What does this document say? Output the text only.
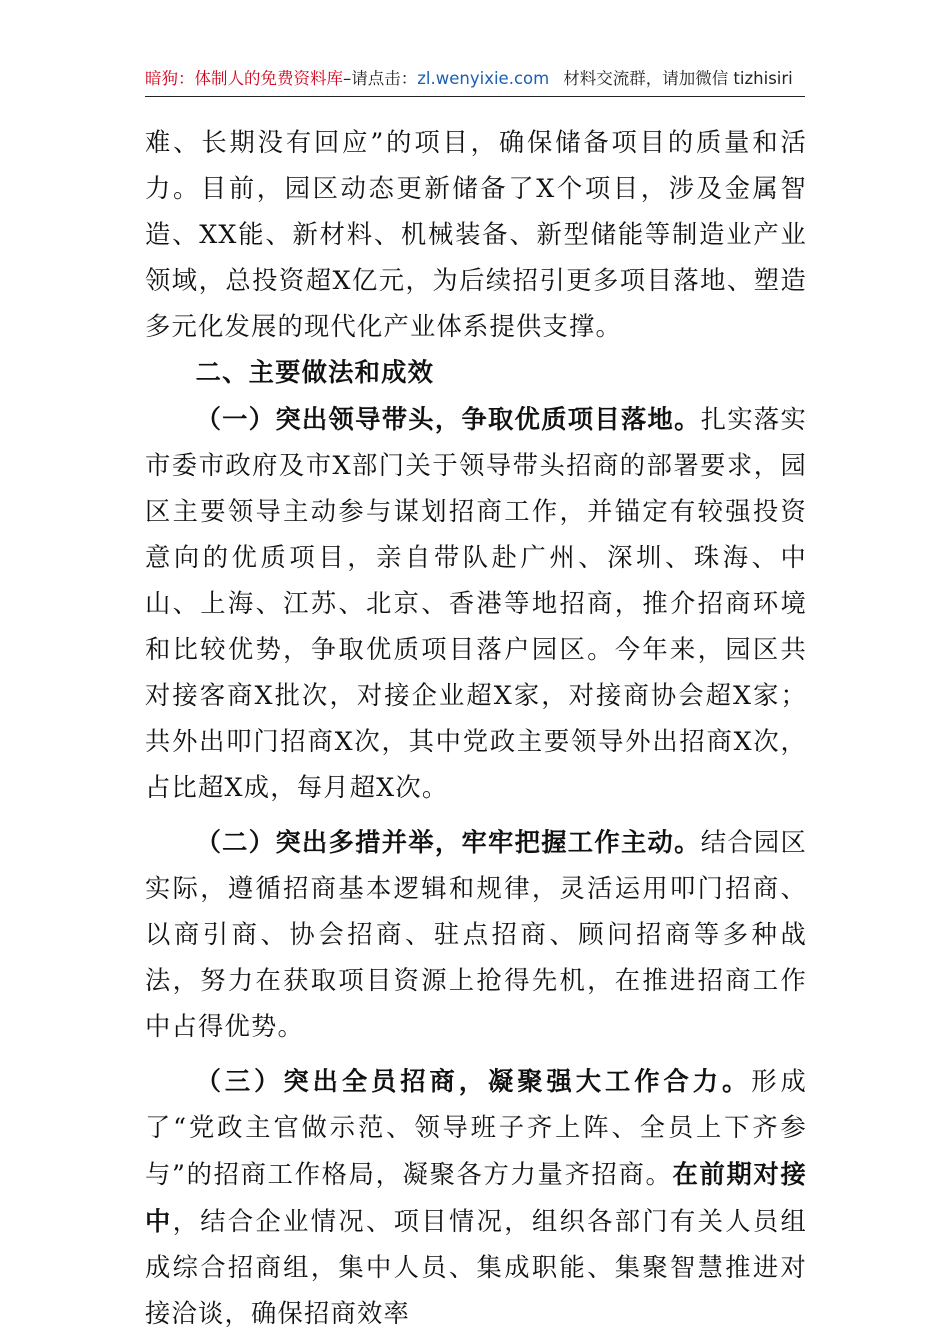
暗狗：体制人的免费资料库–请点击：zl.wenyixie.com 材料交流群，请加微信 tizhisiri

难、长期没有回应”的项目，确保储备项目的质量和活力。目前，园区动态更新储备了X个项目，涉及金属智造、XX能、新材料、机械装备、新型储能等制造业产业领域，总投资超X亿元，为后续招引更多项目落地、塑造多元化发展的现代化产业体系提供支撑。

二、主要做法和成效

（一）突出领导带头，争取优质项目落地。扎实落实市委市政府及市X部门关于领导带头招商的部署要求，园区主要领导主动参与谋划招商工作，并锚定有较强投资意向的优质项目，亲自带队赴广州、深圳、珠海、中山、上海、江苏、北京、香港等地招商，推介招商环境和比较优势，争取优质项目落户园区。今年来，园区共对接客商X批次，对接企业超X家，对接商协会超X家；共外出叩门招商X次，其中党政主要领导外出招商X次，占比超X成，每月超X次。

（二）突出多措并举，牢牢把握工作主动。结合园区实际，遵循招商基本逻辑和规律，灵活运用叩门招商、以商引商、协会招商、驻点招商、顾问招商等多种战法，努力在获取项目资源上抢得先机，在推进招商工作中占得优势。

（三）突出全员招商，凝聚强大工作合力。形成了“党政主官做示范、领导班子齐上阵、全员上下齐参与”的招商工作格局，凝聚各方力量齐招商。在前期对接中，结合企业情况、项目情况，组织各部门有关人员组成综合招商组，集中人员、集成职能、集聚智慧推进对接洽谈，确保招商效率
